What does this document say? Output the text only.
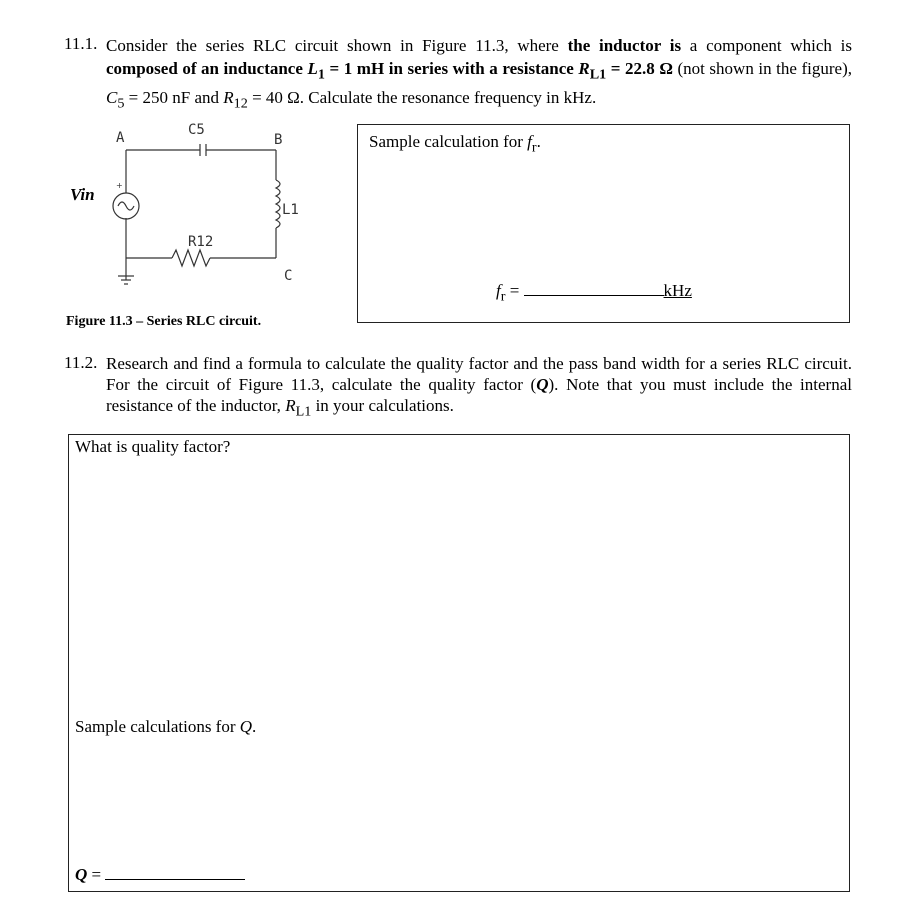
11.1. Consider the series RLC circuit shown in Figure 11.3, where the inductor is a component which is composed of an inductance $L_1 = 1$ mH in series with a resistance $R_{L1} = 22.8$ Ω (not shown in the figure), $C_5 = 250$ nF and $R_{12} = 40$ Ω. Calculate the resonance frequency in kHz.
A	C5
B
L1
R12
C
Vin	+
Figure 11.3 – Series RLC circuit.
Sample calculation for $f_r$.
$f_r$ =	kHz
11.2. Research and find a formula to calculate the quality factor and the pass band width for a series RLC circuit. For the circuit of Figure 11.3, calculate the quality factor (Q). Note that you must include the internal resistance of the inductor, $R_{L1}$ in your calculations.
What is quality factor?
Sample calculations for Q.
Q =
